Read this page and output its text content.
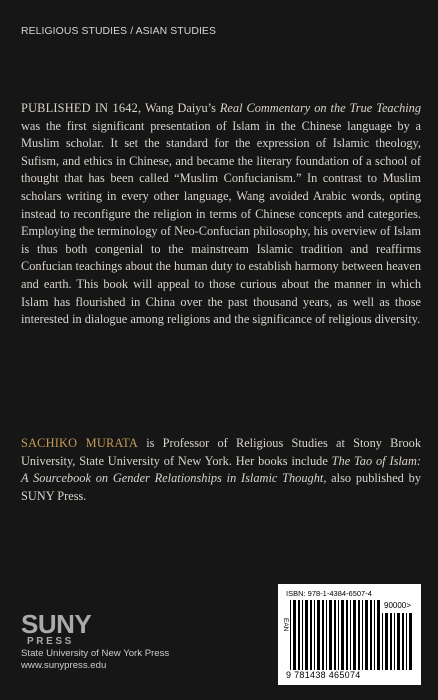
RELIGIOUS STUDIES / ASIAN STUDIES

PUBLISHED IN 1642, Wang Daiyu’s Real Commentary on the True Teaching was the first significant presentation of Islam in the Chinese language by a Muslim scholar. It set the standard for the expression of Islamic theology, Sufism, and ethics in Chinese, and became the literary foundation of a school of thought that has been called “Muslim Confucianism.” In contrast to Muslim scholars writing in every other language, Wang avoided Arabic words, opting instead to reconfigure the religion in terms of Chinese concepts and categories. Employing the terminology of Neo-Confucian philosophy, his overview of Islam is thus both congenial to the mainstream Islamic tradition and reaffirms Confucian teachings about the human duty to establish harmony between heaven and earth. This book will appeal to those curious about the manner in which Islam has flourished in China over the past thousand years, as well as those interested in dialogue among religions and the significance of religious diversity.

SACHIKO MURATA is Professor of Religious Studies at Stony Brook University, State University of New York. Her books include The Tao of Islam: A Sourcebook on Gender Relationships in Islamic Thought, also published by SUNY Press.

SUNY
PRESS
State University of New York Press
www.sunypress.edu
ISBN: 978-1-4384-6507-4
EAN
90000>
9 781438 465074
